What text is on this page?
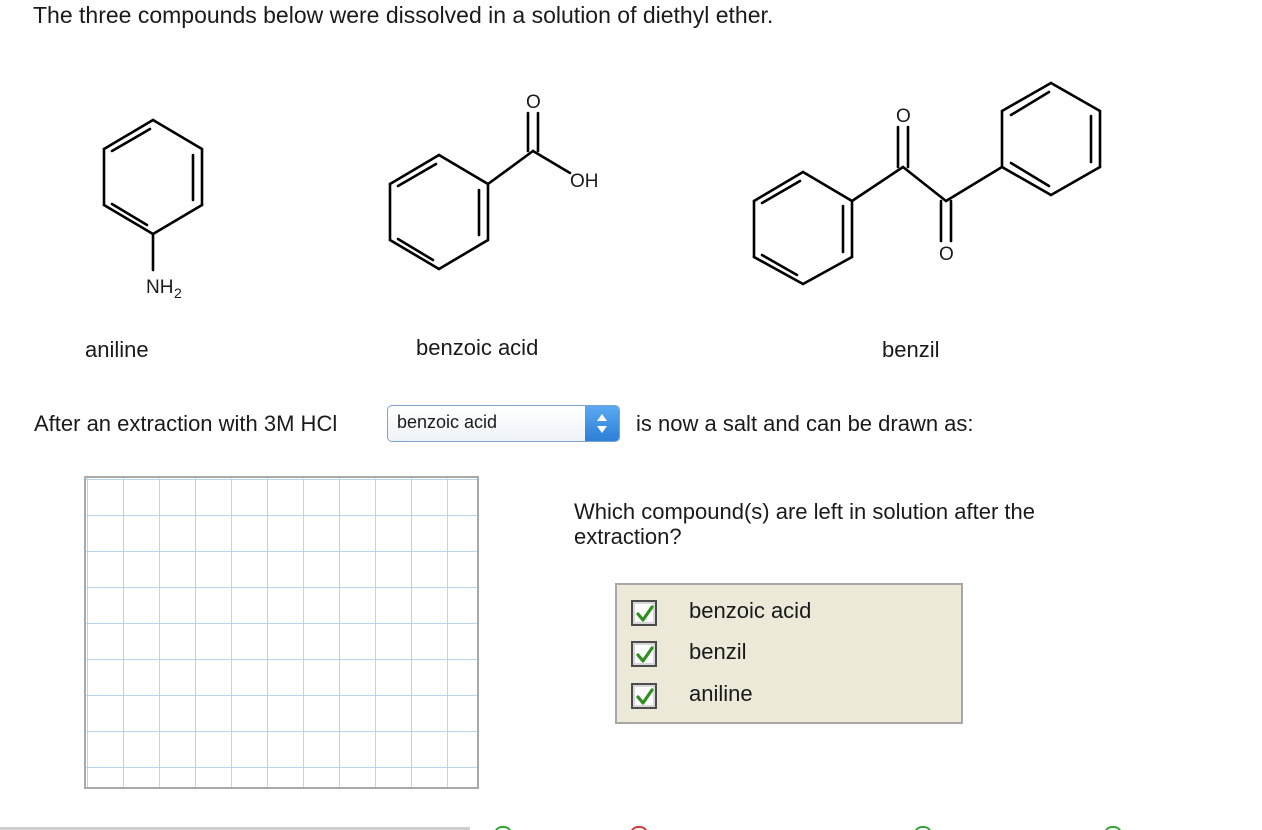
The three compounds below were dissolved in a solution of diethyl ether.
NH 2
O
OH
O
O
aniline	benzoic acid	benzil
After an extraction with 3M HCl	benzoic acid	is now a salt and can be drawn as:
Which compound(s) are left in solution after the extraction?
benzoic acid
benzil
aniline
